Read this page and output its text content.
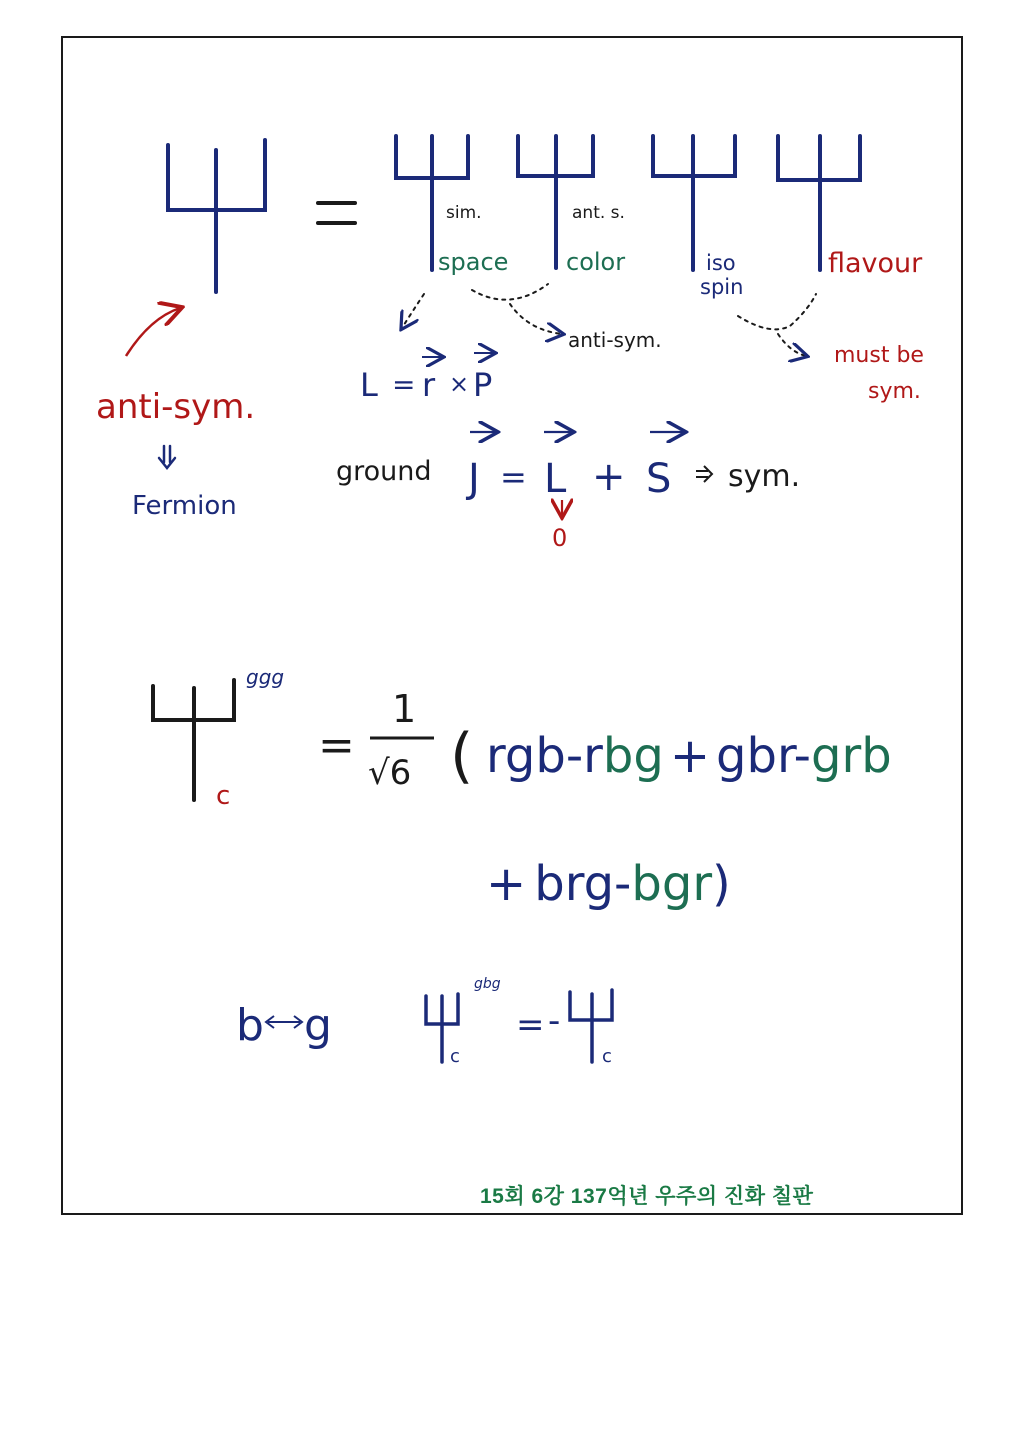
sim.
space
ant. s.
color	iso
spin
flavour
anti-sym.
must be
sym.
anti-sym.
Fermion
L = r × P
ground J = L + S sym.
0
ggg
c
=
1
√6 ( rgb-rbg + gbr-grb
+ brg-bgr)
b g
gbg
c
= -
c
15회 6강 137억년 우주의 진화 칠판
